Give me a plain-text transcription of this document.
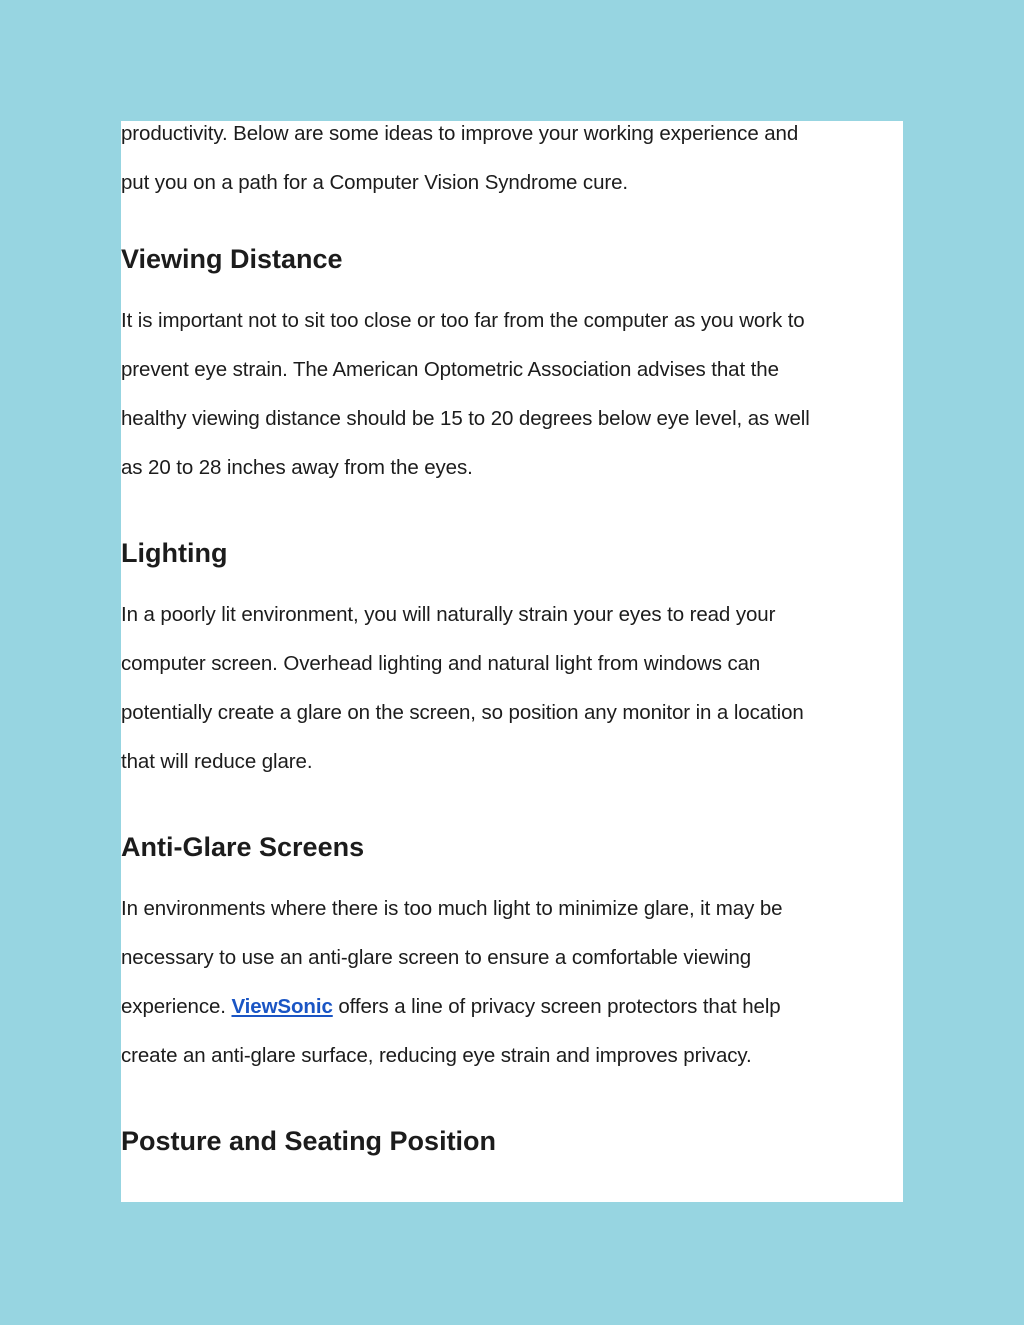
productivity. Below are some ideas to improve your working experience and
put you on a path for a Computer Vision Syndrome cure.
Viewing Distance
It is important not to sit too close or too far from the computer as you work to
prevent eye strain. The American Optometric Association advises that the
healthy viewing distance should be 15 to 20 degrees below eye level, as well
as 20 to 28 inches away from the eyes.
Lighting
In a poorly lit environment, you will naturally strain your eyes to read your
computer screen. Overhead lighting and natural light from windows can
potentially create a glare on the screen, so position any monitor in a location
that will reduce glare.
Anti-Glare Screens
In environments where there is too much light to minimize glare, it may be
necessary to use an anti-glare screen to ensure a comfortable viewing
experience. ViewSonic offers a line of privacy screen protectors that help
create an anti-glare surface, reducing eye strain and improves privacy.
Posture and Seating Position
